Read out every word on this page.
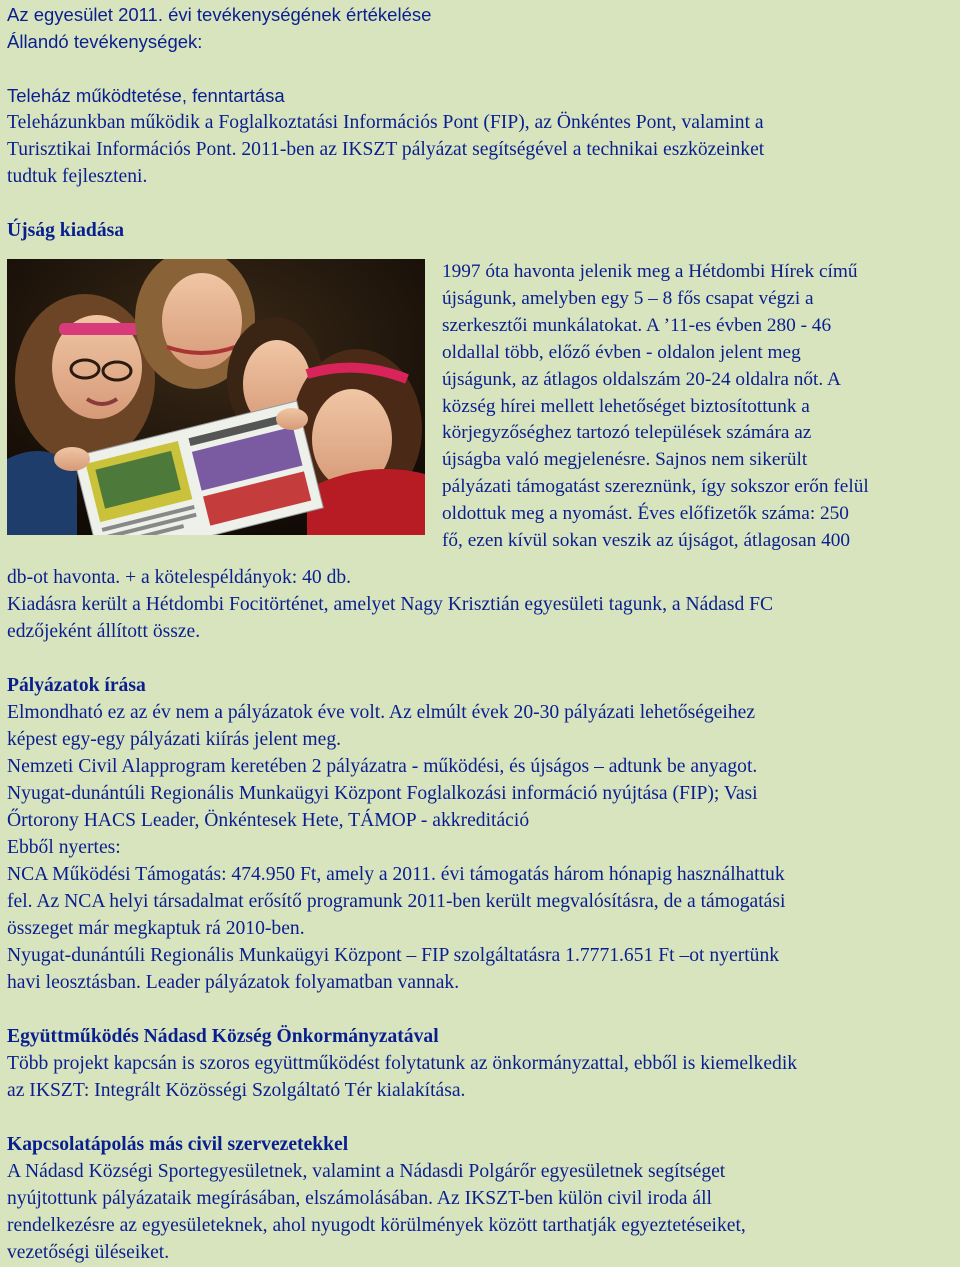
Az egyesület 2011. évi tevékenységének értékelése
Állandó tevékenységek:
Teleház működtetése, fenntartása
Teleházunkban működik a Foglalkoztatási Információs Pont (FIP), az Önkéntes Pont, valamint a
Turisztikai Információs Pont. 2011-ben az IKSZT pályázat segítségével a technikai eszközeinket
tudtuk fejleszteni.
Újság kiadása
1997 óta havonta jelenik meg a Hétdombi Hírek című
újságunk, amelyben egy 5 – 8 fős csapat végzi a
szerkesztői munkálatokat. A ’11-es évben 280 - 46
oldallal több, előző évben - oldalon jelent meg
újságunk, az átlagos oldalszám 20-24 oldalra nőt. A
község hírei mellett lehetőséget biztosítottunk a
körjegyzőséghez tartozó települések számára az
újságba való megjelenésre. Sajnos nem sikerült
pályázati támogatást szereznünk, így sokszor erőn felül
oldottuk meg a nyomást. Éves előfizetők száma: 250
fő, ezen kívül sokan veszik az újságot, átlagosan 400
db-ot havonta. + a kötelespéldányok: 40 db.
Kiadásra került a Hétdombi Focitörténet, amelyet Nagy Krisztián egyesületi tagunk, a Nádasd FC
edzőjeként állított össze.
Pályázatok írása
Elmondható ez az év nem a pályázatok éve volt. Az elmúlt évek 20-30 pályázati lehetőségeihez
képest egy-egy pályázati kiírás jelent meg.
Nemzeti Civil Alapprogram keretében 2 pályázatra - működési, és újságos – adtunk be anyagot.
Nyugat-dunántúli Regionális Munkaügyi Központ Foglalkozási információ nyújtása (FIP); Vasi
Őrtorony HACS Leader, Önkéntesek Hete, TÁMOP - akkreditáció
Ebből nyertes:
NCA Működési Támogatás: 474.950 Ft, amely a 2011. évi támogatás három hónapig használhattuk
fel. Az NCA helyi társadalmat erősítő programunk 2011-ben került megvalósításra, de a támogatási
összeget már megkaptuk rá 2010-ben.
Nyugat-dunántúli Regionális Munkaügyi Központ – FIP szolgáltatásra 1.7771.651 Ft –ot nyertünk
havi leosztásban. Leader pályázatok folyamatban vannak.
Együttműködés Nádasd Község Önkormányzatával
Több projekt kapcsán is szoros együttműködést folytatunk az önkormányzattal, ebből is kiemelkedik
az IKSZT: Integrált Közösségi Szolgáltató Tér kialakítása.
Kapcsolatápolás más civil szervezetekkel
A Nádasd Községi Sportegyesületnek, valamint a Nádasdi Polgárőr egyesületnek segítséget
nyújtottunk pályázataik megírásában, elszámolásában. Az IKSZT-ben külön civil iroda áll
rendelkezésre az egyesületeknek, ahol nyugodt körülmények között tarthatják egyeztetéseiket,
vezetőségi üléseiket.
